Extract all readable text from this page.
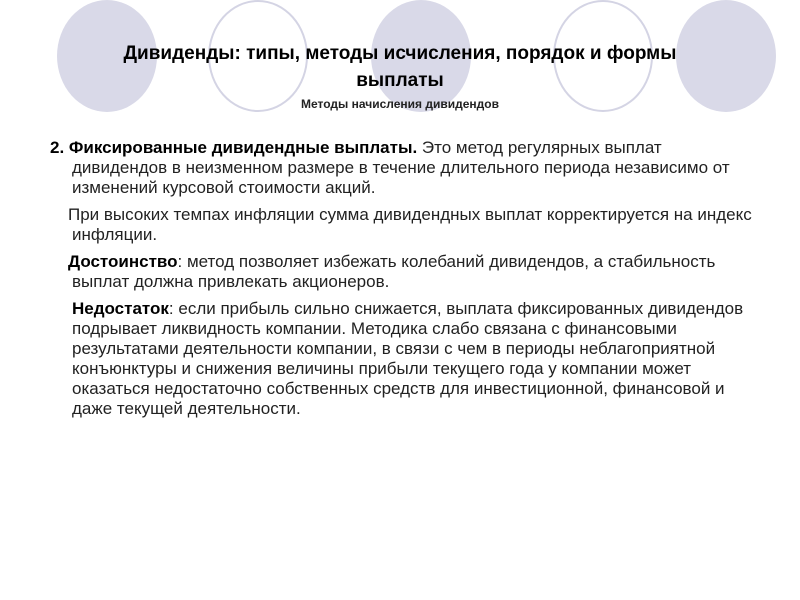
Дивиденды: типы, методы исчисления, порядок и формы
выплаты
Методы начисления дивидендов

2. Фиксированные дивидендные выплаты. Это метод регулярных выплат дивидендов в неизменном размере в течение длительного периода независимо от изменений курсовой стоимости акций.

При высоких темпах инфляции сумма дивидендных выплат корректируется на индекс инфляции.

Достоинство: метод позволяет избежать колебаний дивидендов, а стабильность выплат должна привлекать акционеров.

Недостаток: если прибыль сильно снижается, выплата фиксированных дивидендов подрывает ликвидность компании. Методика слабо связана с финансовыми результатами деятельности компании, в связи с чем в периоды неблагоприятной конъюнктуры и снижения величины прибыли текущего года у компании может оказаться недостаточно собственных средств для инвестиционной, финансовой и даже текущей деятельности.
